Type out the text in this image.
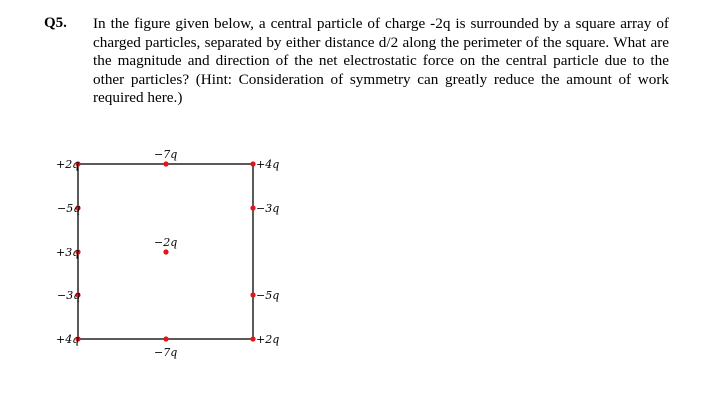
Q5. In the figure given below, a central particle of charge -2q is surrounded by a square array of charged particles, separated by either distance d/2 along the perimeter of the square. What are the magnitude and direction of the net electrostatic force on the central particle due to the other particles? (Hint: Consideration of symmetry can greatly reduce the amount of work required here.)
+2q
−7q
+4q
−5q
+3q
−3q
+4q
−7q
+2q
−3q
−5q
−2q
